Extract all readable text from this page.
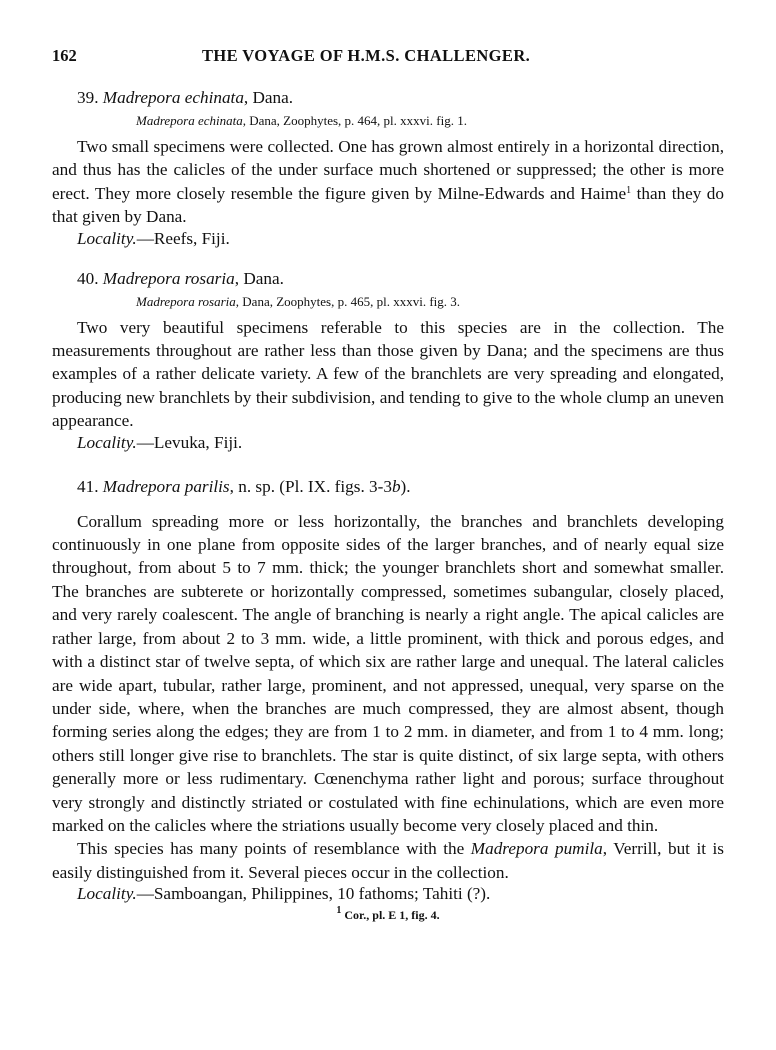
162	THE VOYAGE OF H.M.S. CHALLENGER.

39. Madrepora echinata, Dana.

Madrepora echinata, Dana, Zoophytes, p. 464, pl. xxxvi. fig. 1.

Two small specimens were collected. One has grown almost entirely in a horizontal direction, and thus has the calicles of the under surface much shortened or suppressed; the other is more erect. They more closely resemble the figure given by Milne-Edwards and Haime$^1$ than they do that given by Dana.

Locality.—Reefs, Fiji.

40. Madrepora rosaria, Dana.

Madrepora rosaria, Dana, Zoophytes, p. 465, pl. xxxvi. fig. 3.

Two very beautiful specimens referable to this species are in the collection. The measurements throughout are rather less than those given by Dana; and the specimens are thus examples of a rather delicate variety. A few of the branchlets are very spreading and elongated, producing new branchlets by their subdivision, and tending to give to the whole clump an uneven appearance.

Locality.—Levuka, Fiji.

41. Madrepora parilis, n. sp. (Pl. IX. figs. 3-3b).

Corallum spreading more or less horizontally, the branches and branchlets developing continuously in one plane from opposite sides of the larger branches, and of nearly equal size throughout, from about 5 to 7 mm. thick; the younger branchlets short and somewhat smaller. The branches are subterete or horizontally compressed, sometimes subangular, closely placed, and very rarely coalescent. The angle of branching is nearly a right angle. The apical calicles are rather large, from about 2 to 3 mm. wide, a little prominent, with thick and porous edges, and with a distinct star of twelve septa, of which six are rather large and unequal. The lateral calicles are wide apart, tubular, rather large, prominent, and not appressed, unequal, very sparse on the under side, where, when the branches are much compressed, they are almost absent, though forming series along the edges; they are from 1 to 2 mm. in diameter, and from 1 to 4 mm. long; others still longer give rise to branchlets. The star is quite distinct, of six large septa, with others generally more or less rudimentary. Cœnenchyma rather light and porous; surface throughout very strongly and distinctly striated or costulated with fine echinulations, which are even more marked on the calicles where the striations usually become very closely placed and thin.

This species has many points of resemblance with the Madrepora pumila, Verrill, but it is easily distinguished from it. Several pieces occur in the collection.

Locality.—Samboangan, Philippines, 10 fathoms; Tahiti (?).

$^1$ Cor., pl. E 1, fig. 4.
